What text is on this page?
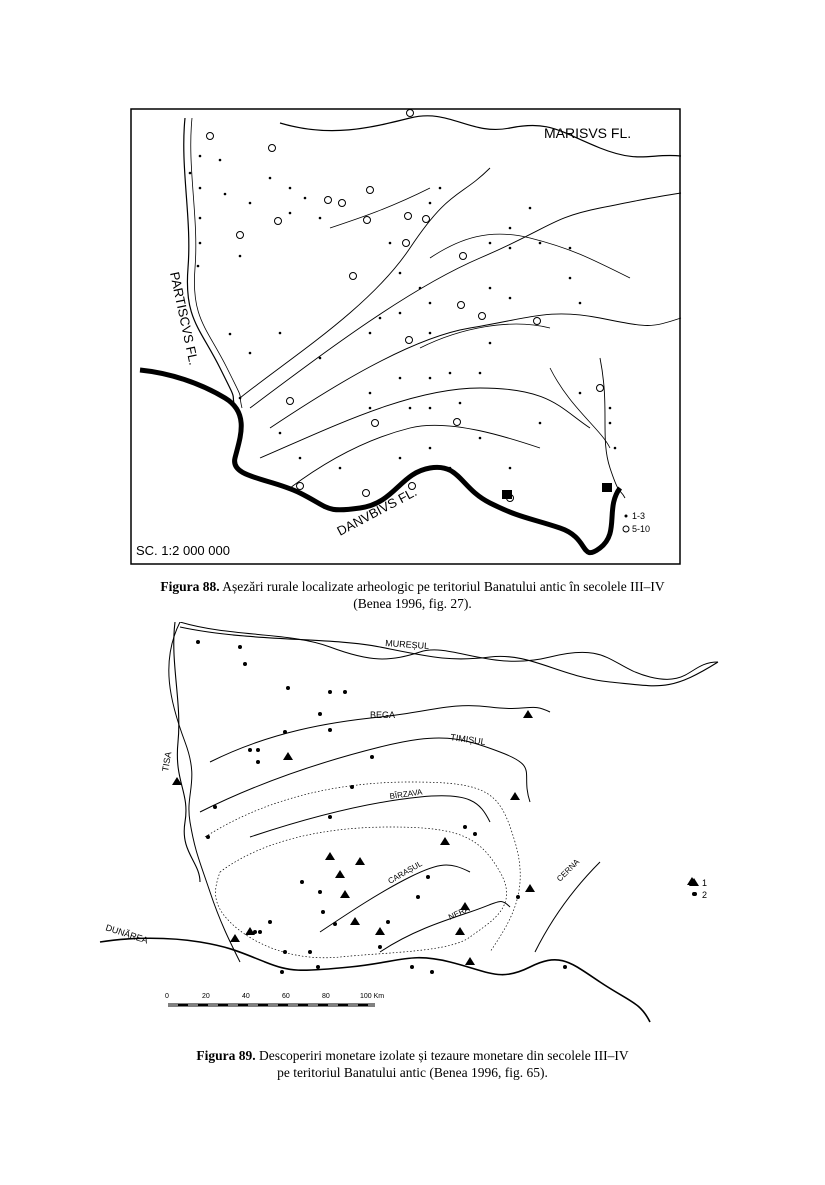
MARISVS FL.
PARTISCVS FL.
DANVBIVS FL.
SC. 1:2 000 000
1-3
5-10
Figura 88. Așezări rurale localizate arheologic pe teritoriul Banatului antic în secolele III–IV
(Benea 1996, fig. 27).
MUREȘUL
BEGA
TIMIȘUL
BÎRZAVA
CARAȘUL
NERA
CERNA
TISA
DUNĂREA
1
2
0	20	40	60	80	100 Km
Figura 89. Descoperiri monetare izolate și tezaure monetare din secolele III–IV
pe teritoriul Banatului antic (Benea 1996, fig. 65).
